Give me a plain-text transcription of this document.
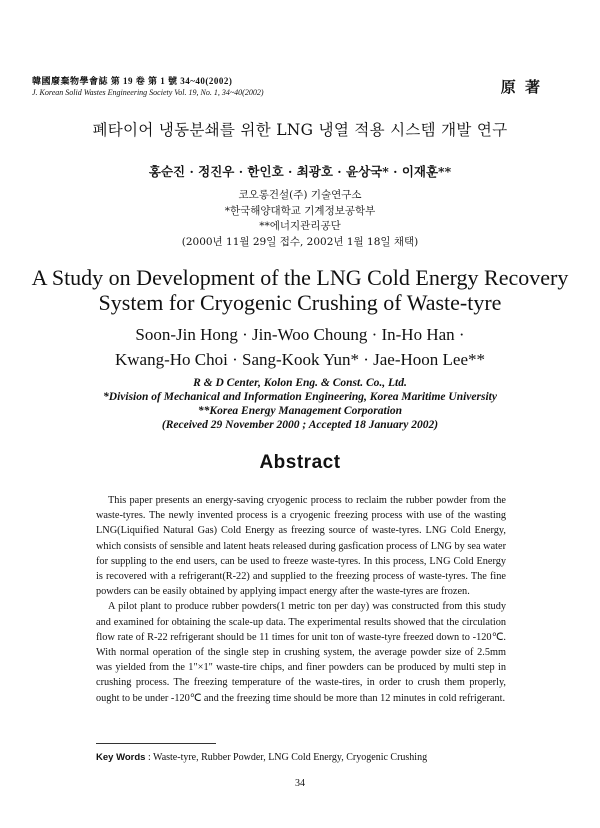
韓國廢棄物學會誌 第 19 卷 第 1 號 34~40(2002)
J. Korean Solid Wastes Engineering Society Vol. 19, No. 1, 34~40(2002)	原 著
폐타이어 냉동분쇄를 위한 LNG 냉열 적용 시스템 개발 연구
홍순진 · 정진우 · 한인호 · 최광호 · 윤상국* · 이재훈**
코오롱건설(주) 기술연구소
*한국해양대학교 기계정보공학부
**에너지관리공단
(2000년 11월 29일 접수, 2002년 1월 18일 채택)
A Study on Development of the LNG Cold Energy Recovery
System for Cryogenic Crushing of Waste-tyre
Soon-Jin Hong · Jin-Woo Choung · In-Ho Han ·
Kwang-Ho Choi · Sang-Kook Yun* · Jae-Hoon Lee**
R & D Center, Kolon Eng. & Const. Co., Ltd.
*Division of Mechanical and Information Engineering, Korea Maritime University
**Korea Energy Management Corporation
(Received 29 November 2000 ; Accepted 18 January 2002)
Abstract

This paper presents an energy-saving cryogenic process to reclaim the rubber powder from the waste-tyres. The newly invented process is a cryogenic freezing process with use of the wasting LNG(Liquified Natural Gas) Cold Energy as freezing source of waste-tyres. LNG Cold Energy, which consists of sensible and latent heats released during gasfication process of LNG by sea water for suppling to the end users, can be used to freeze waste-tyres. In this process, LNG Cold Energy is recovered with a refrigerant(R-22) and supplied to the freezing process of waste-tyres. The fine powders can be easily obtained by applying impact energy after the waste-tyres are frozen.

A pilot plant to produce rubber powders(1 metric ton per day) was constructed from this study and examined for obtaining the scale-up data. The experimental results showed that the circulation flow rate of R-22 refrigerant should be 11 times for unit ton of waste-tyre freezed down to -120℃. With normal operation of the single step in crushing system, the average powder size of 2.5mm was yielded from the 1"×1" waste-tire chips, and finer powders can be produced by multi step in crushing process. The freezing temperature of the waste-tires, in order to crush them properly, ought to be under -120℃ and the freezing time should be more than 12 minutes in cold refrigerant.

Key Words : Waste-tyre, Rubber Powder, LNG Cold Energy, Cryogenic Crushing
34
